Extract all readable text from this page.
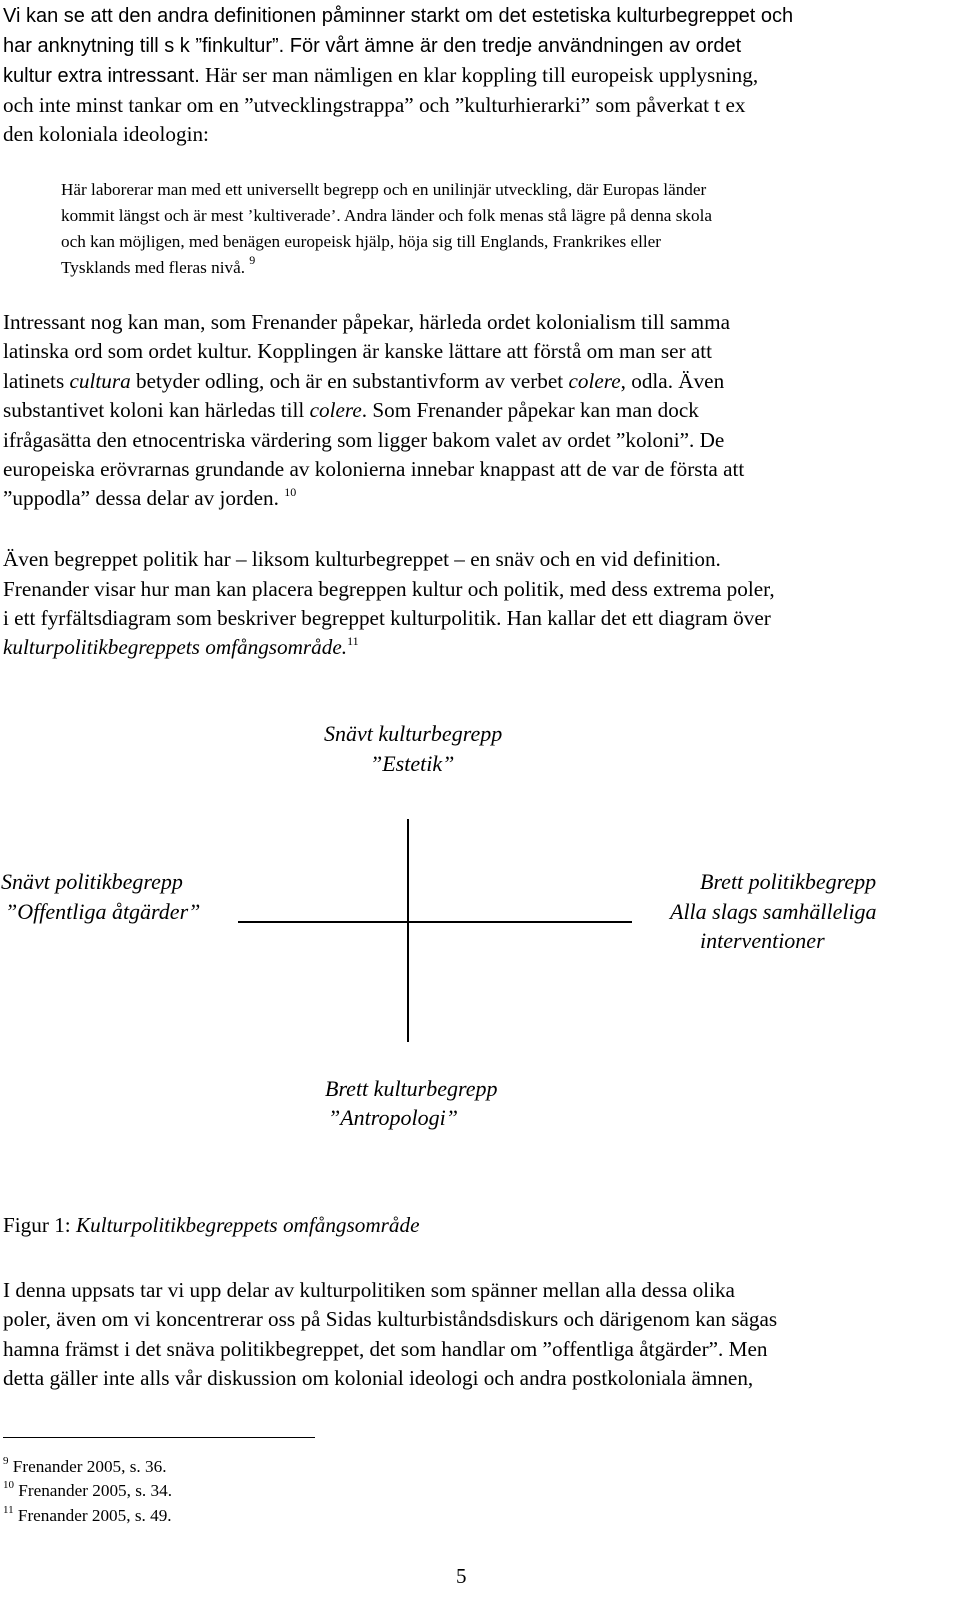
Vi kan se att den andra definitionen påminner starkt om det estetiska kulturbegreppet och

har anknytning till s k ”finkultur”. För vårt ämne är den tredje användningen av ordet

kultur extra intressant. Här ser man nämligen en klar koppling till europeisk upplysning,

och inte minst tankar om en ”utvecklingstrappa” och ”kulturhierarki” som påverkat t ex

den koloniala ideologin:

Här laborerar man med ett universellt begrepp och en unilinjär utveckling, där Europas länder

kommit längst och är mest ’kultiverade’. Andra länder och folk menas stå lägre på denna skola

och kan möjligen, med benägen europeisk hjälp, höja sig till Englands, Frankrikes eller

Tysklands med fleras nivå. $^9$

Intressant nog kan man, som Frenander påpekar, härleda ordet kolonialism till samma

latinska ord som ordet kultur. Kopplingen är kanske lättare att förstå om man ser att

latinets cultura betyder odling, och är en substantivform av verbet colere, odla. Även

substantivet koloni kan härledas till colere. Som Frenander påpekar kan man dock

ifrågasätta den etnocentriska värdering som ligger bakom valet av ordet ”koloni”. De

europeiska erövrarnas grundande av kolonierna innebar knappast att de var de första att

”uppodla” dessa delar av jorden. $^{10}$

Även begreppet politik har – liksom kulturbegreppet – en snäv och en vid definition.

Frenander visar hur man kan placera begreppen kultur och politik, med dess extrema poler,

i ett fyrfältsdiagram som beskriver begreppet kulturpolitik. Han kallar det ett diagram över

kulturpolitikbegreppets omfångsområde.$^{11}$

Snävt kulturbegrepp

”Estetik”

Snävt politikbegrepp

”Offentliga åtgärder”

Brett politikbegrepp

Alla slags samhälleliga

interventioner

Brett kulturbegrepp

”Antropologi”

Figur 1: Kulturpolitikbegreppets omfångsområde

I denna uppsats tar vi upp delar av kulturpolitiken som spänner mellan alla dessa olika

poler, även om vi koncentrerar oss på Sidas kulturbiståndsdiskurs och därigenom kan sägas

hamna främst i det snäva politikbegreppet, det som handlar om ”offentliga åtgärder”. Men

detta gäller inte alls vår diskussion om kolonial ideologi och andra postkoloniala ämnen,

$^9$ Frenander 2005, s. 36.

$^{10}$ Frenander 2005, s. 34.

$^{11}$ Frenander 2005, s. 49.

5
